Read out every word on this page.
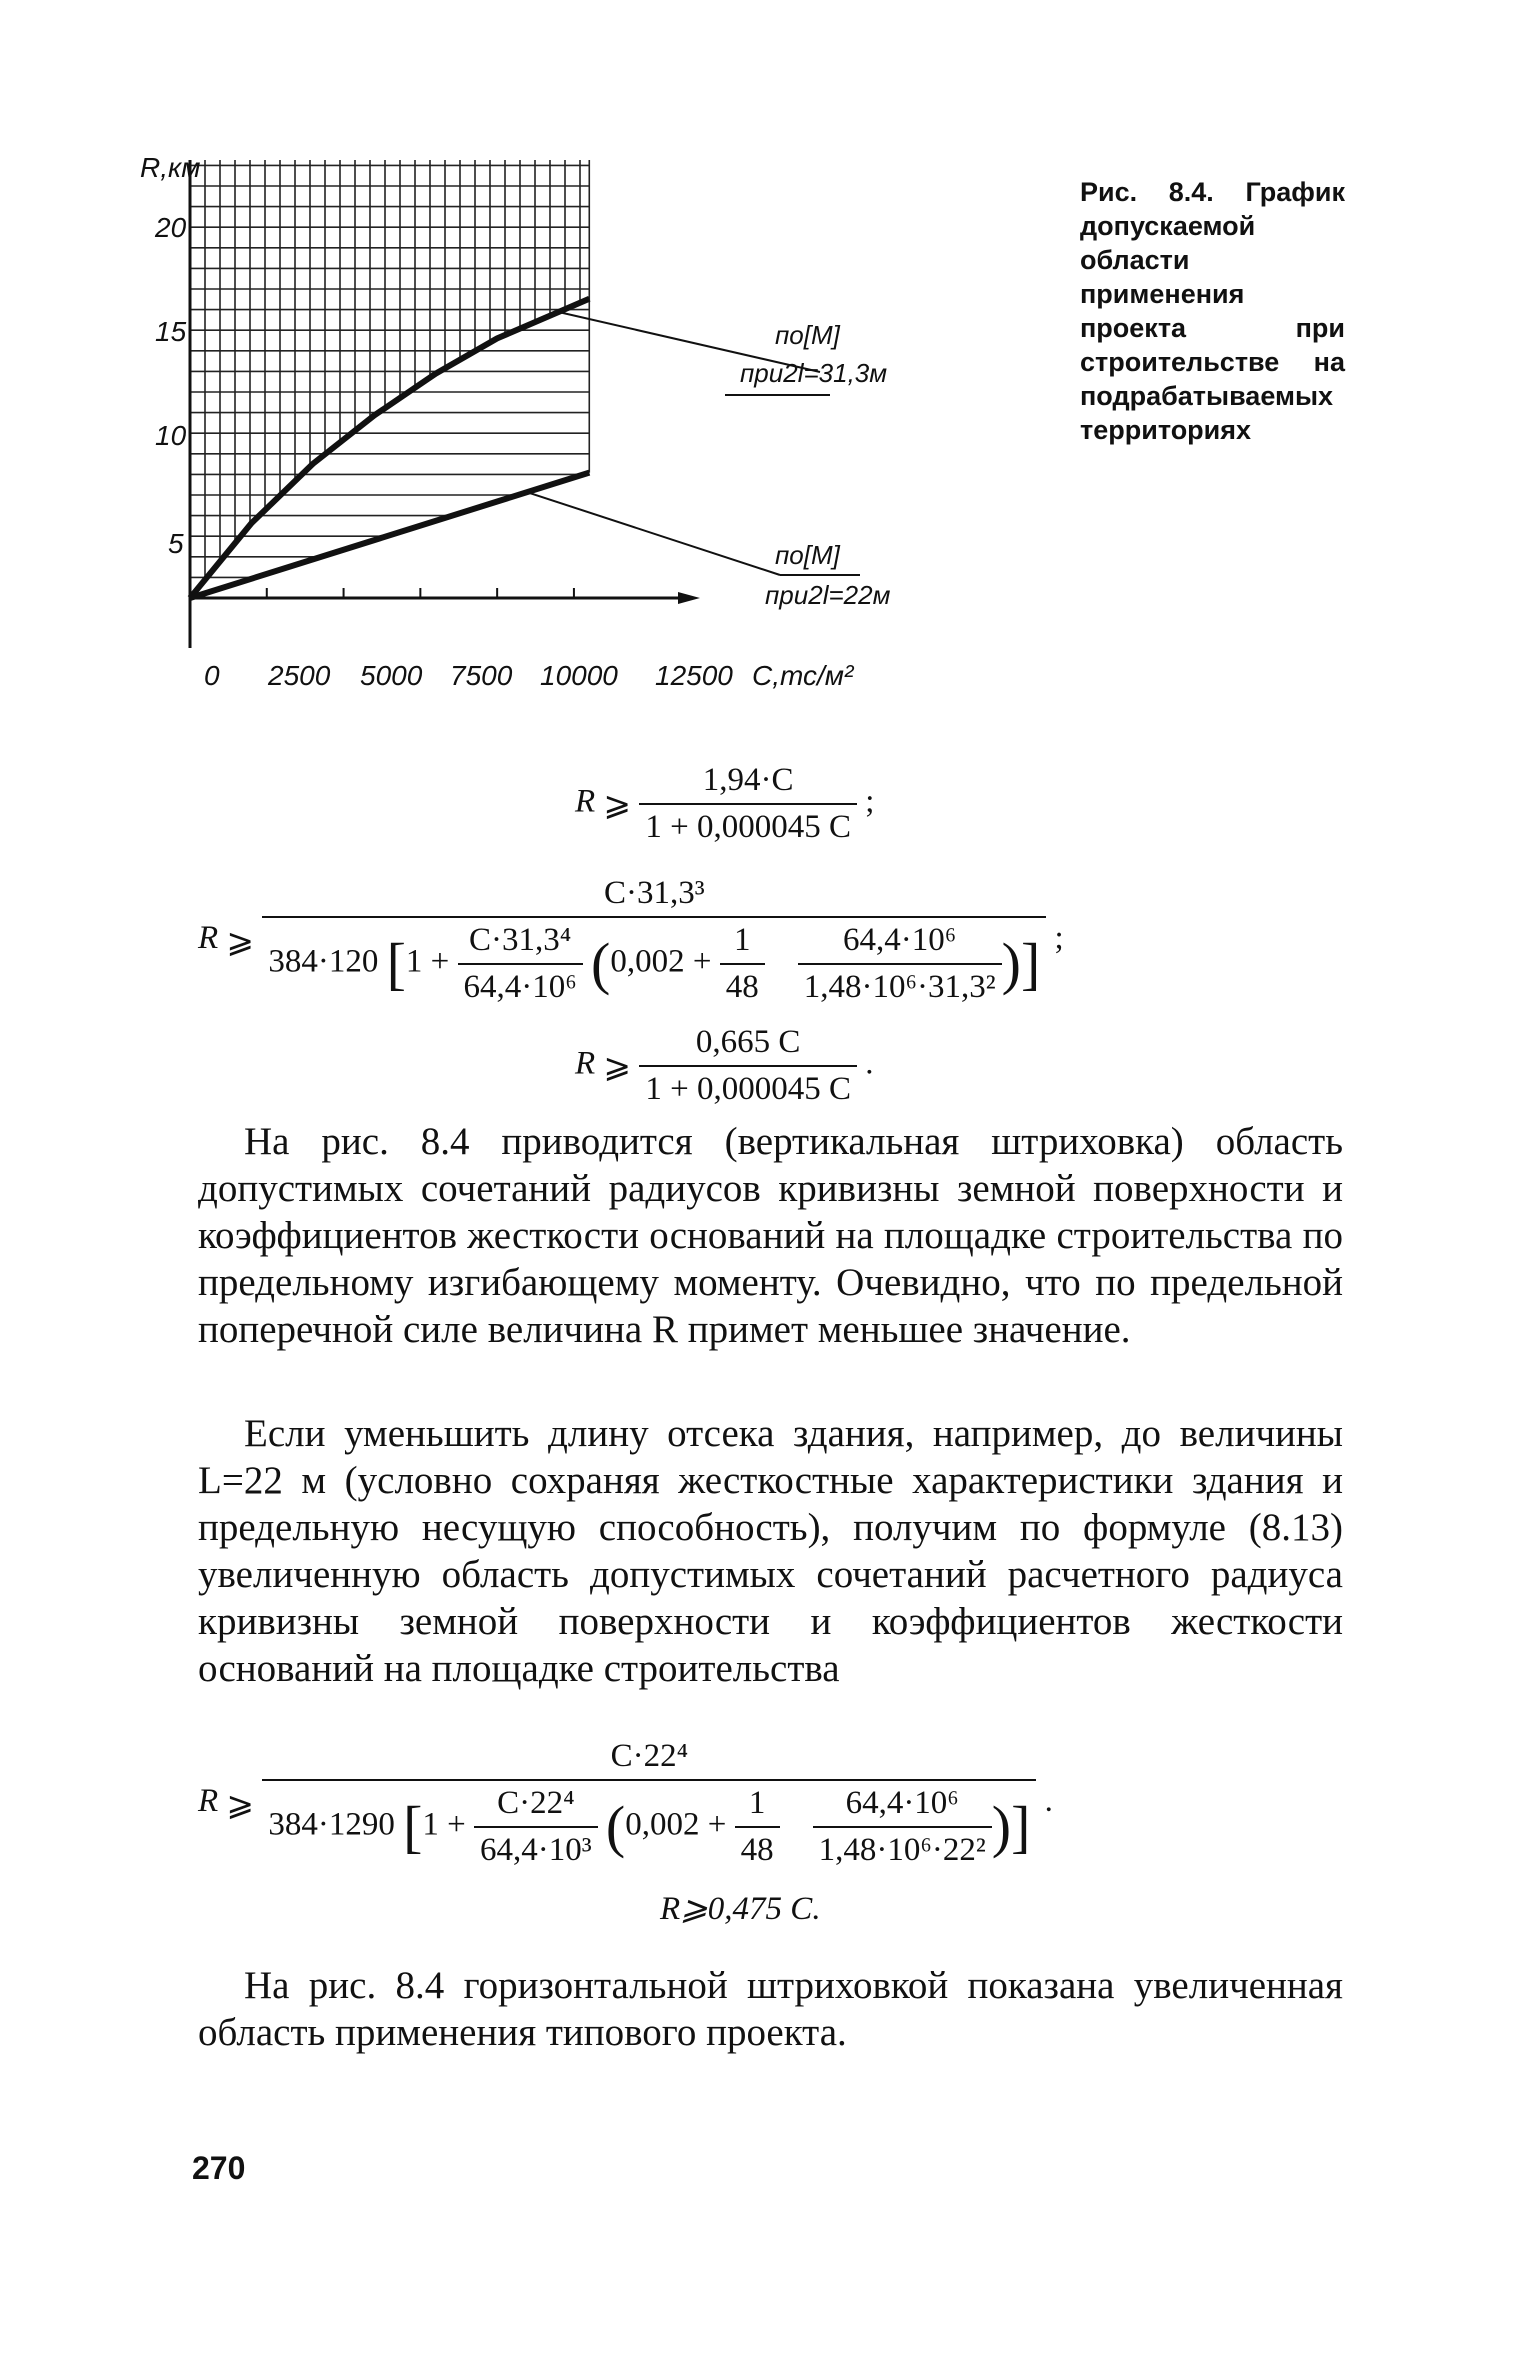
R,км
20
15
10
5
0 2500 5000 7500 10000 12500 С,тс/м²
по[М]
при2l=31,3м
по[М]
при2l=22м
Рис. 8.4. График допускаемой области применения проекта при строительстве на подрабатываемых территориях
R ⩾ $\frac{1,94\cdot C}{1 + 0,000045 C}$ ;
R ⩾
C·31,3³
384·120 [$1 + \frac{\text{C·31,3⁴}}{\text{64,4·10⁶}} (0,002 + \frac{1}{48}$
$\frac{\text{64,4·10⁶}}{\text{1,48·10⁶·31,3²}}$ )] ;
R ⩾ $\frac{0,665 C}{1 + 0,000045 C}$ .

На рис. 8.4 приводится (вертикальная штриховка) область допустимых сочетаний радиусов кривизны земной поверхности и коэффициентов жесткости оснований на площадке строительства по предельному изгибающему моменту. Очевидно, что по предельной поперечной силе величина R примет меньшее значение.

Если уменьшить длину отсека здания, например, до величины L=22 м (условно сохраняя жесткостные характеристики здания и предельную несущую способность), получим по формуле (8.13) увеличенную область допустимых сочетаний расчетного радиуса кривизны земной поверхности и коэффициентов жесткости оснований на площадке строительства

R ⩾
C·22⁴
384·1290 [$1 + \frac{\text{C·22⁴}}{\text{64,4·10³}} (0,002 + \frac{1}{48}$
$\frac{\text{64,4·10⁶}}{\text{1,48·10⁶·22²}}$ )] .
R⩾0,475 C.

На рис. 8.4 горизонтальной штриховкой показана увеличенная область применения типового проекта.

270
